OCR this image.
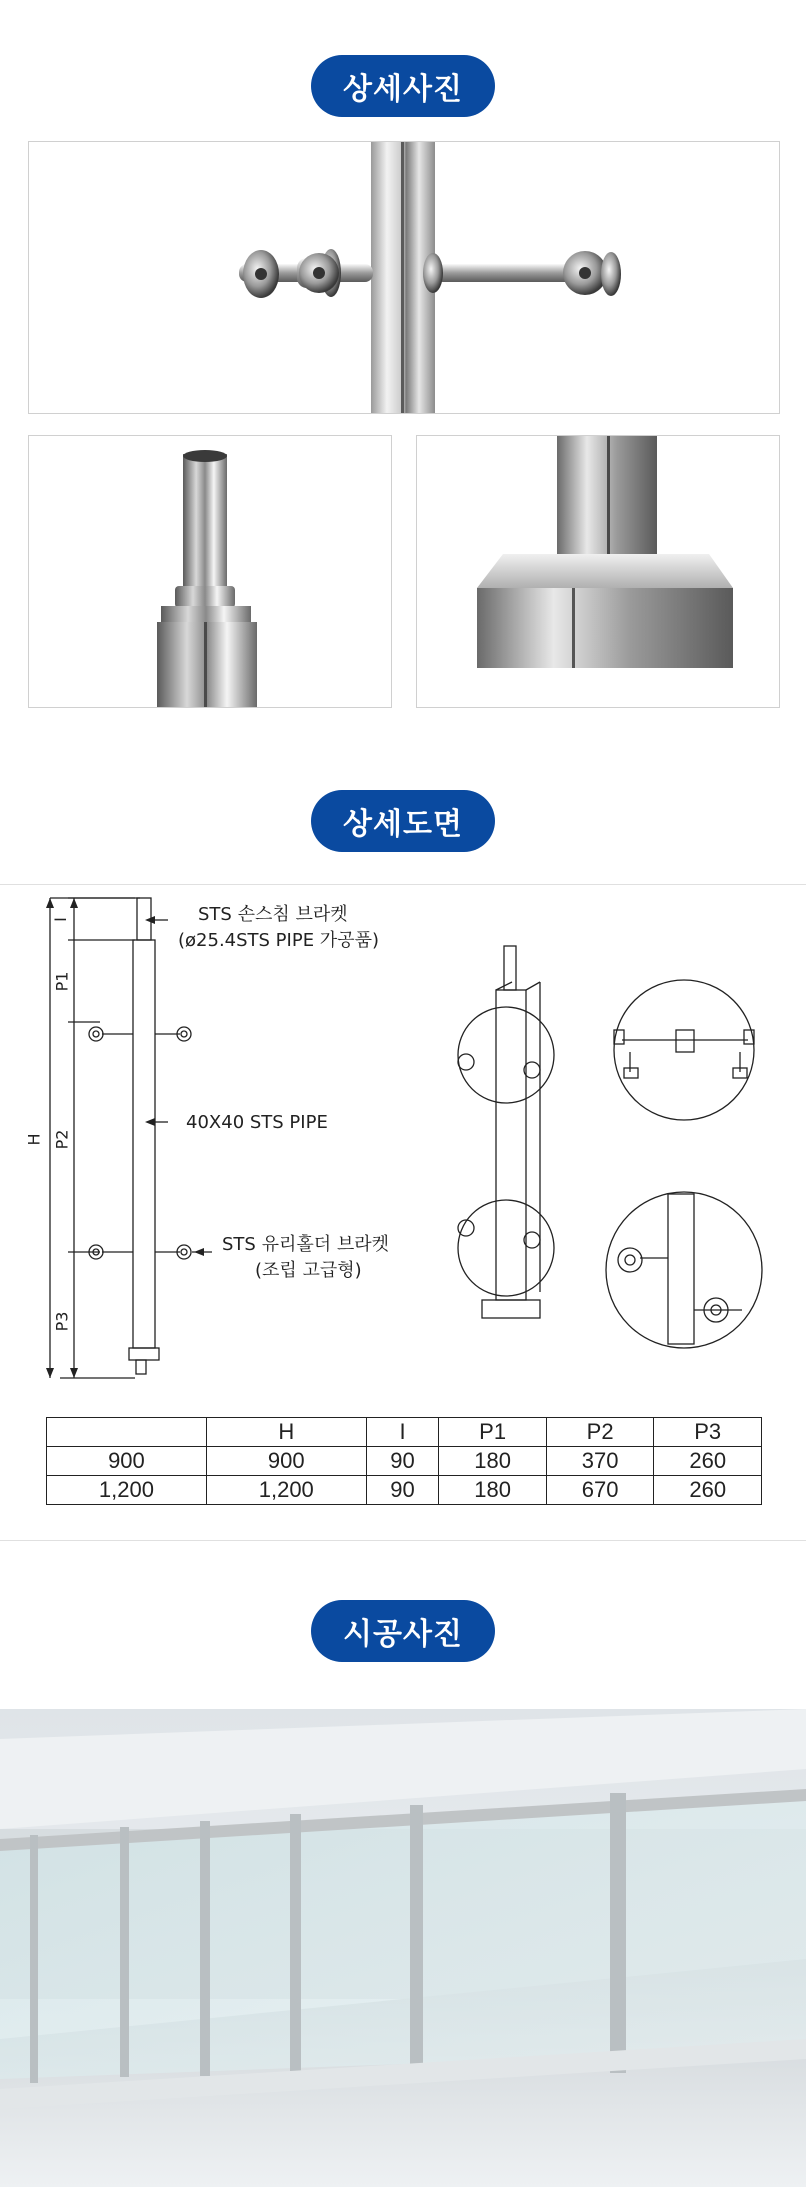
상세사진
상세도면
STS 손스침 브라켓
(ø25.4STS PIPE 가공품)
40X40 STS PIPE
STS 유리홀더 브라켓
(조립 고급형)
H
I
P1
P2
P3
	H	I	P1	P2	P3
900	900	90	180	370	260
1,200	1,200	90	180	670	260
시공사진
